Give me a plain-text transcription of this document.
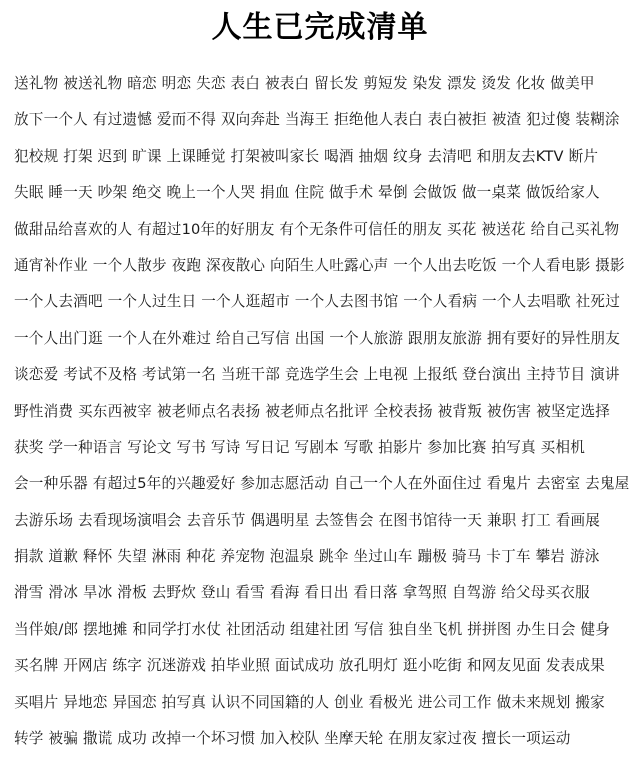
人生已完成清单
送礼物 被送礼物 暗恋 明恋 失恋 表白 被表白 留长发 剪短发 染发 漂发 烫发 化妆 做美甲
放下一个人 有过遗憾 爱而不得 双向奔赴 当海王 拒绝他人表白 表白被拒 被渣 犯过傻 装糊涂
犯校规 打架 迟到 旷课 上课睡觉 打架被叫家长 喝酒 抽烟 纹身 去清吧 和朋友去KTV 断片
失眠 睡一天 吵架 绝交 晚上一个人哭 捐血 住院 做手术 晕倒 会做饭 做一桌菜 做饭给家人
做甜品给喜欢的人 有超过10年的好朋友 有个无条件可信任的朋友 买花 被送花 给自己买礼物
通宵补作业 一个人散步 夜跑 深夜散心 向陌生人吐露心声 一个人出去吃饭 一个人看电影 摄影
一个人去酒吧 一个人过生日 一个人逛超市 一个人去图书馆 一个人看病 一个人去唱歌 社死过
一个人出门逛 一个人在外难过 给自己写信 出国 一个人旅游 跟朋友旅游 拥有要好的异性朋友
谈恋爱 考试不及格 考试第一名 当班干部 竞选学生会 上电视 上报纸 登台演出 主持节目 演讲
野性消费 买东西被宰 被老师点名表扬 被老师点名批评 全校表扬 被背叛 被伤害 被坚定选择
获奖 学一种语言 写论文 写书 写诗 写日记 写剧本 写歌 拍影片 参加比赛 拍写真 买相机
会一种乐器 有超过5年的兴趣爱好 参加志愿活动 自己一个人在外面住过 看鬼片 去密室 去鬼屋
去游乐场 去看现场演唱会 去音乐节 偶遇明星 去签售会 在图书馆待一天 兼职 打工 看画展
捐款 道歉 释怀 失望 淋雨 种花 养宠物 泡温泉 跳伞 坐过山车 蹦极 骑马 卡丁车 攀岩 游泳
滑雪 滑冰 旱冰 滑板 去野炊 登山 看雪 看海 看日出 看日落 拿驾照 自驾游 给父母买衣服
当伴娘/郎 摆地摊 和同学打水仗 社团活动 组建社团 写信 独自坐飞机 拼拼图 办生日会 健身
买名牌 开网店 练字 沉迷游戏 拍毕业照 面试成功 放孔明灯 逛小吃街 和网友见面 发表成果
买唱片 异地恋 异国恋 拍写真 认识不同国籍的人 创业 看极光 进公司工作 做未来规划 搬家
转学 被骗 撒谎 成功 改掉一个坏习惯 加入校队 坐摩天轮 在朋友家过夜 擅长一项运动
